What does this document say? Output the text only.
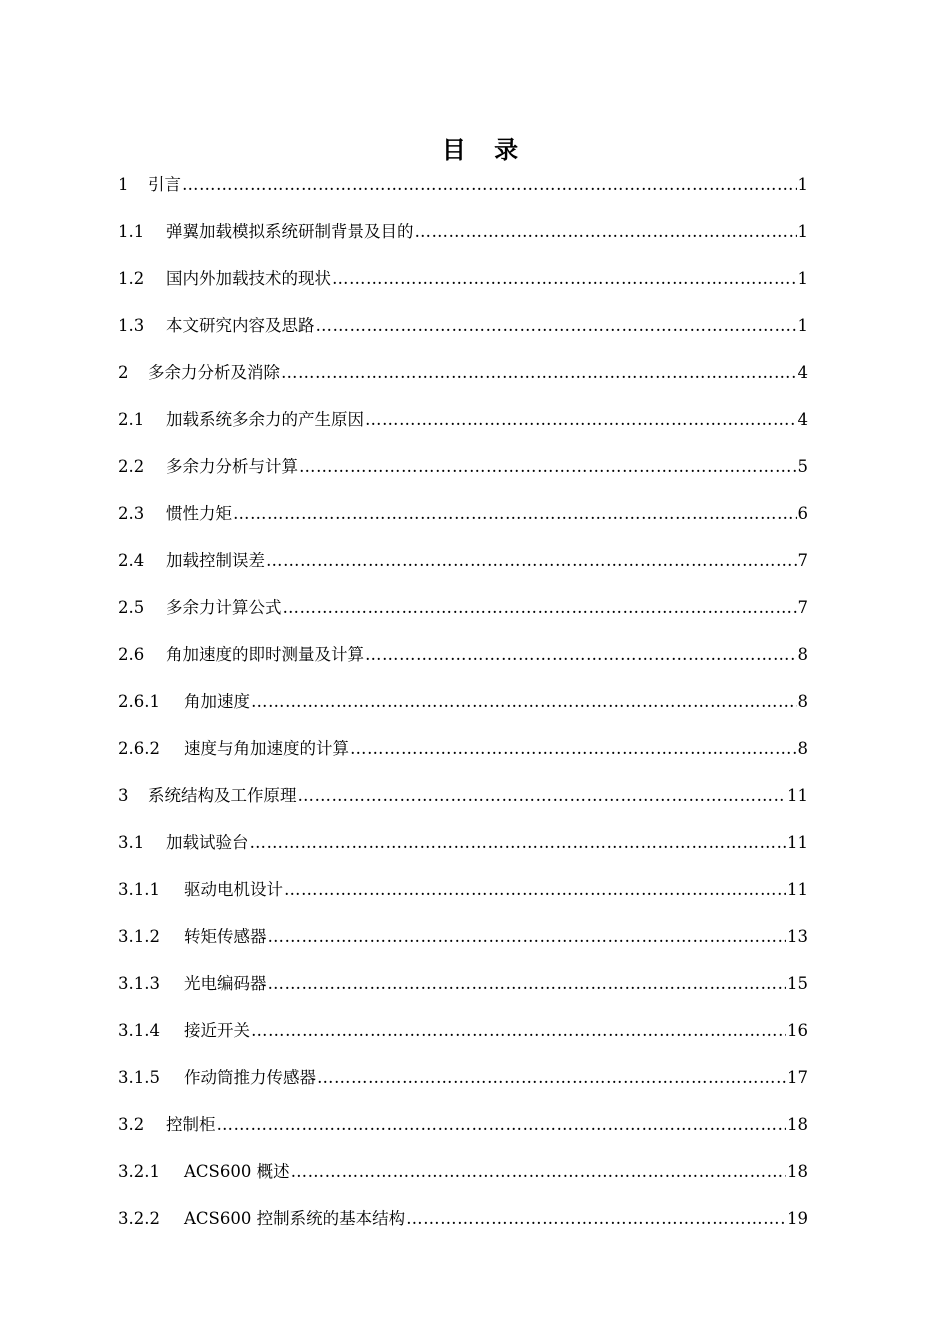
目 录
1	引言 ………………………………………………………………………………………………………………………………………………………………………………	1
1.1	弹翼加载模拟系统研制背景及目的 ………………………………………………………………………………………………………………………………………………………………………………	1
1.2	国内外加载技术的现状 ………………………………………………………………………………………………………………………………………………………………………………	1
1.3	本文研究内容及思路 ………………………………………………………………………………………………………………………………………………………………………………	1
2	多余力分析及消除 ………………………………………………………………………………………………………………………………………………………………………………	4
2.1	加载系统多余力的产生原因 ………………………………………………………………………………………………………………………………………………………………………………	4
2.2	多余力分析与计算 ………………………………………………………………………………………………………………………………………………………………………………	5
2.3	惯性力矩 ………………………………………………………………………………………………………………………………………………………………………………	6
2.4	加载控制误差 ………………………………………………………………………………………………………………………………………………………………………………	7
2.5	多余力计算公式 ………………………………………………………………………………………………………………………………………………………………………………	7
2.6	角加速度的即时测量及计算 ………………………………………………………………………………………………………………………………………………………………………………	8
2.6.1	角加速度 ………………………………………………………………………………………………………………………………………………………………………………	8
2.6.2	速度与角加速度的计算 ………………………………………………………………………………………………………………………………………………………………………………	8
3	系统结构及工作原理 ………………………………………………………………………………………………………………………………………………………………………………	11
3.1	加载试验台 ………………………………………………………………………………………………………………………………………………………………………………	11
3.1.1	驱动电机设计 ………………………………………………………………………………………………………………………………………………………………………………	11
3.1.2	转矩传感器 ………………………………………………………………………………………………………………………………………………………………………………	13
3.1.3	光电编码器 ………………………………………………………………………………………………………………………………………………………………………………	15
3.1.4	接近开关 ………………………………………………………………………………………………………………………………………………………………………………	16
3.1.5	作动筒推力传感器 ………………………………………………………………………………………………………………………………………………………………………………	17
3.2	控制柜 ………………………………………………………………………………………………………………………………………………………………………………	18
3.2.1	ACS600 概述 ………………………………………………………………………………………………………………………………………………………………………………	18
3.2.2	ACS600 控制系统的基本结构 ………………………………………………………………………………………………………………………………………………………………………………	19
